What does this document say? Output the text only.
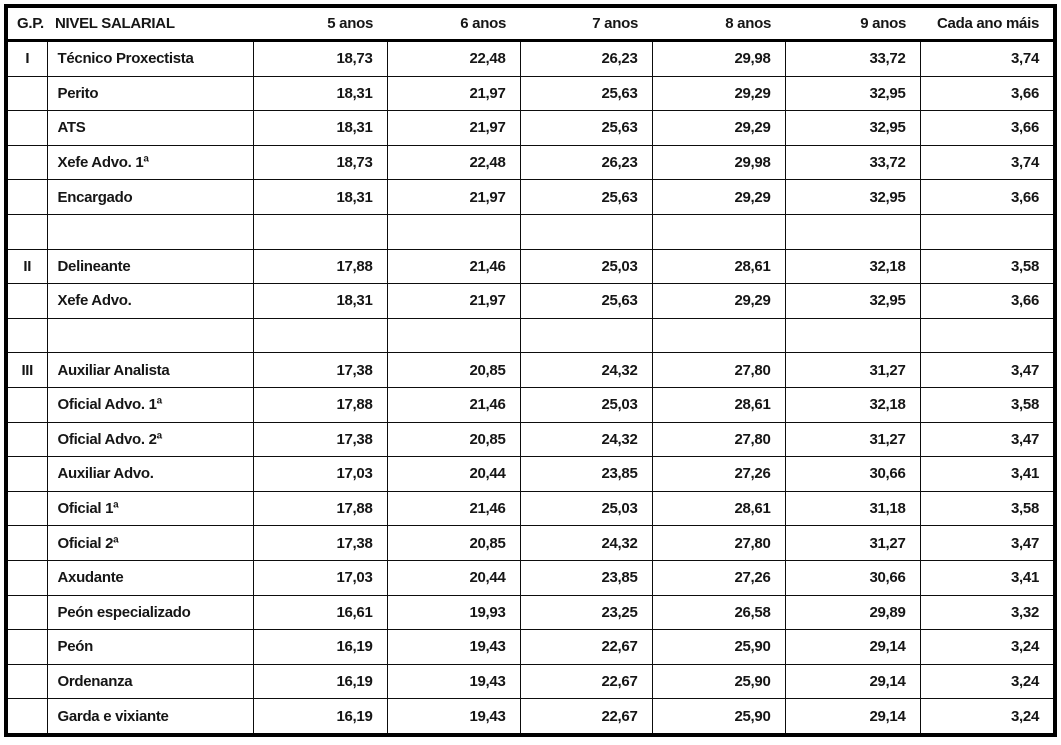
G.P.	NIVEL SALARIAL	5 anos	6 anos	7 anos	8 anos	9 anos	Cada ano máis
I	Técnico Proxectista	18,73	22,48	26,23	29,98	33,72	3,74
	Perito	18,31	21,97	25,63	29,29	32,95	3,66
	ATS	18,31	21,97	25,63	29,29	32,95	3,66
	Xefe Advo. 1ª	18,73	22,48	26,23	29,98	33,72	3,74
	Encargado	18,31	21,97	25,63	29,29	32,95	3,66

II	Delineante	17,88	21,46	25,03	28,61	32,18	3,58
	Xefe Advo.	18,31	21,97	25,63	29,29	32,95	3,66

III	Auxiliar Analista	17,38	20,85	24,32	27,80	31,27	3,47
	Oficial Advo. 1ª	17,88	21,46	25,03	28,61	32,18	3,58
	Oficial Advo. 2ª	17,38	20,85	24,32	27,80	31,27	3,47
	Auxiliar Advo.	17,03	20,44	23,85	27,26	30,66	3,41
	Oficial 1ª	17,88	21,46	25,03	28,61	31,18	3,58
	Oficial 2ª	17,38	20,85	24,32	27,80	31,27	3,47
	Axudante	17,03	20,44	23,85	27,26	30,66	3,41
	Peón especializado	16,61	19,93	23,25	26,58	29,89	3,32
	Peón	16,19	19,43	22,67	25,90	29,14	3,24
	Ordenanza	16,19	19,43	22,67	25,90	29,14	3,24
	Garda e vixiante	16,19	19,43	22,67	25,90	29,14	3,24
